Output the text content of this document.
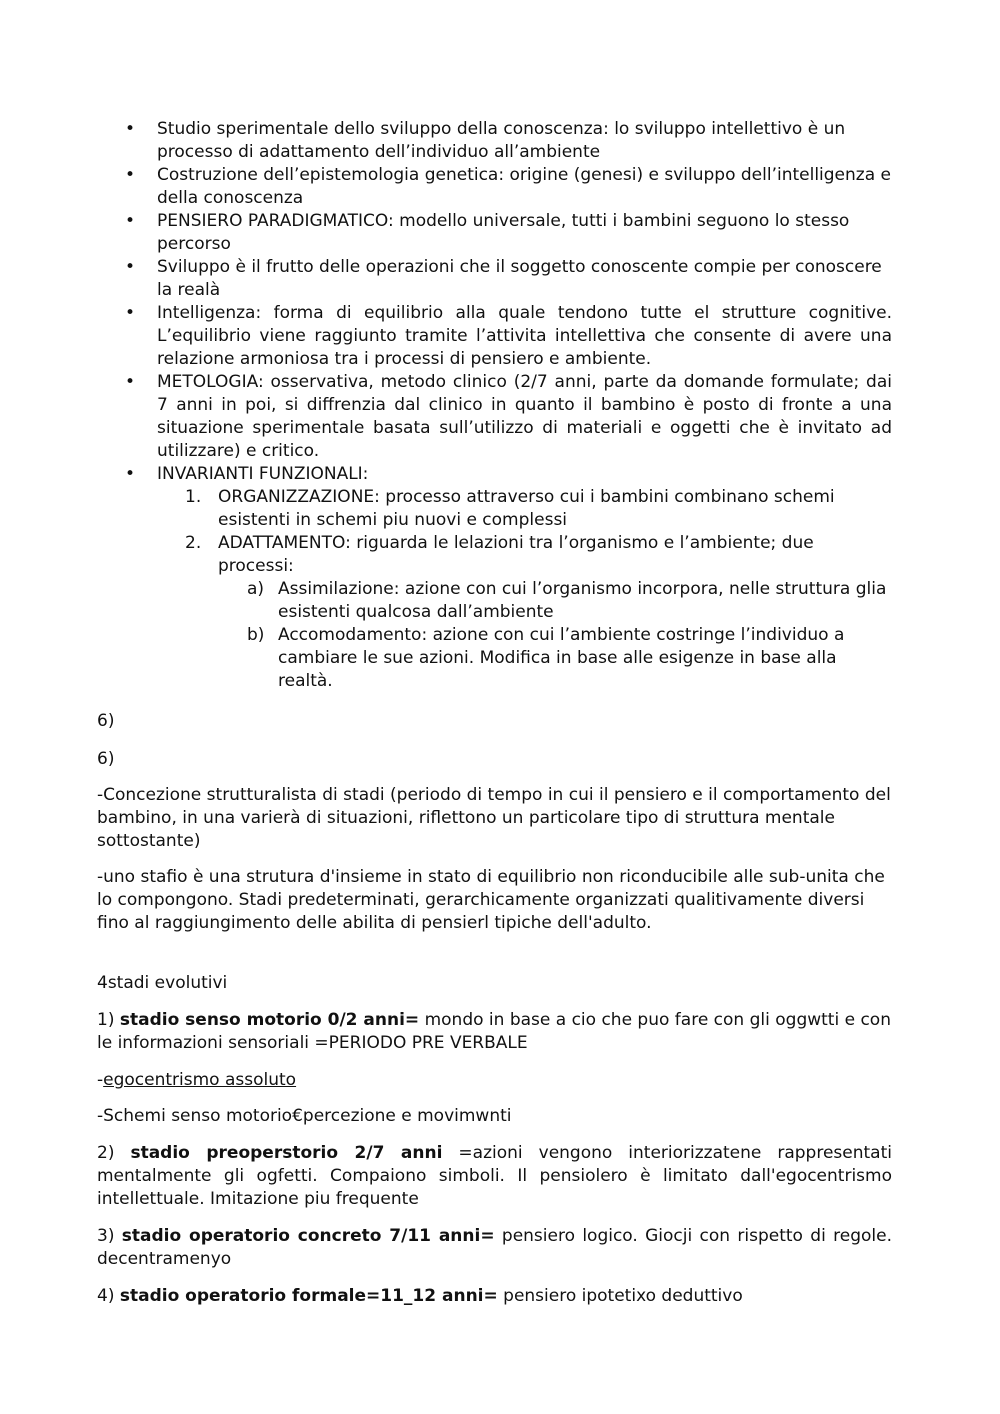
• Studio sperimentale dello sviluppo della conoscenza: lo sviluppo intellettivo è un processo di adattamento dell’individuo all’ambiente
• Costruzione dell’epistemologia genetica: origine (genesi) e sviluppo dell’intelligenza e della conoscenza
• PENSIERO PARADIGMATICO: modello universale, tutti i bambini seguono lo stesso percorso
• Sviluppo è il frutto delle operazioni che il soggetto conoscente compie per conoscere la realà
• Intelligenza: forma di equilibrio alla quale tendono tutte el strutture cognitive. L’equilibrio viene raggiunto tramite l’attivita intellettiva che consente di avere una relazione armoniosa tra i processi di pensiero e ambiente.
• METOLOGIA: osservativa, metodo clinico (2/7 anni, parte da domande formulate; dai 7 anni in poi, si diffrenzia dal clinico in quanto il bambino è posto di fronte a una situazione sperimentale basata sull’utilizzo di materiali e oggetti che è invitato ad utilizzare) e critico.
• INVARIANTI FUNZIONALI:
1. ORGANIZZAZIONE: processo attraverso cui i bambini combinano schemi esistenti in schemi piu nuovi e complessi
2. ADATTAMENTO: riguarda le lelazioni tra l’organismo e l’ambiente; due processi:
a) Assimilazione: azione con cui l’organismo incorpora, nelle struttura glia esistenti qualcosa dall’ambiente
b) Accomodamento: azione con cui l’ambiente costringe l’individuo a cambiare le sue azioni. Modifica in base alle esigenze in base alla realtà.

6)

6)

-Concezione strutturalista di stadi (periodo di tempo in cui il pensiero e il comportamento del bambino, in una varierà di situazioni, riflettono un particolare tipo di struttura mentale sottostante)

-uno stafio è una strutura d'insieme in stato di equilibrio non riconducibile alle sub-unita che lo compongono. Stadi predeterminati, gerarchicamente organizzati qualitivamente diversi fino al raggiungimento delle abilita di pensierl tipiche dell'adulto.

4stadi evolutivi

1) stadio senso motorio 0/2 anni= mondo in base a cio che puo fare con gli oggwtti e con le informazioni sensoriali =PERIODO PRE VERBALE

-egocentrismo assoluto

-Schemi senso motorio€percezione e movimwnti

2) stadio preoperstorio 2/7 anni =azioni vengono interiorizzatene rappresentati mentalmente gli ogfetti. Compaiono simboli. Il pensiolero è limitato dall'egocentrismo intellettuale. Imitazione piu frequente

3) stadio operatorio concreto 7/11 anni= pensiero logico. Giocji con rispetto di regole. decentramenyo

4) stadio operatorio formale=11_12 anni= pensiero ipotetixo deduttivo
